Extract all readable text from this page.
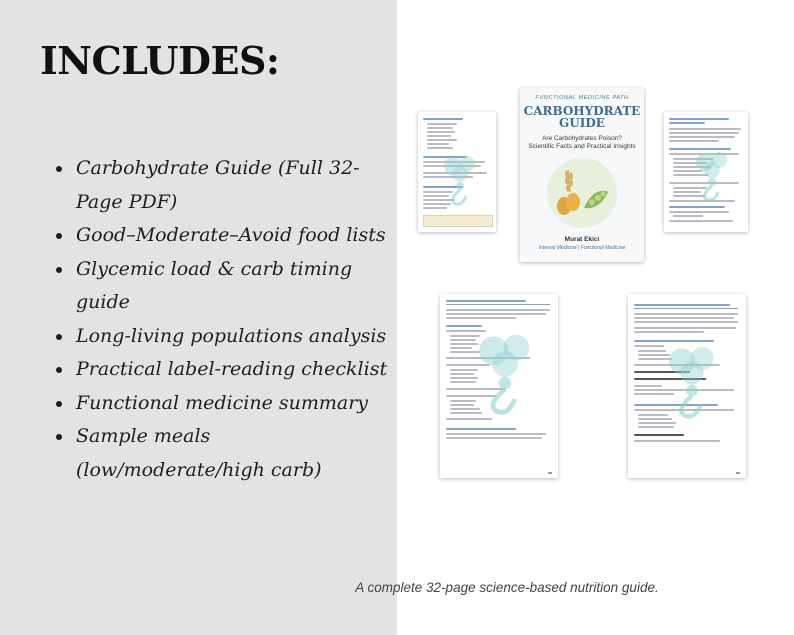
INCLUDES:
• Carbohydrate Guide (Full 32-Page PDF)
• Good–Moderate–Avoid food lists
• Glycemic load & carb timing guide
• Long-living populations analysis
• Practical label-reading checklist
• Functional medicine summary
• Sample meals (low/moderate/high carb)
FUNCTIONAL MEDICINE PATH
CARBOHYDRATE
GUIDE
Are Carbohydrates Poison?
Scientific Facts and Practical Insights
Murat Ekici
Internal Medicine | Functional Medicine
A complete 32-page science-based nutrition guide.
